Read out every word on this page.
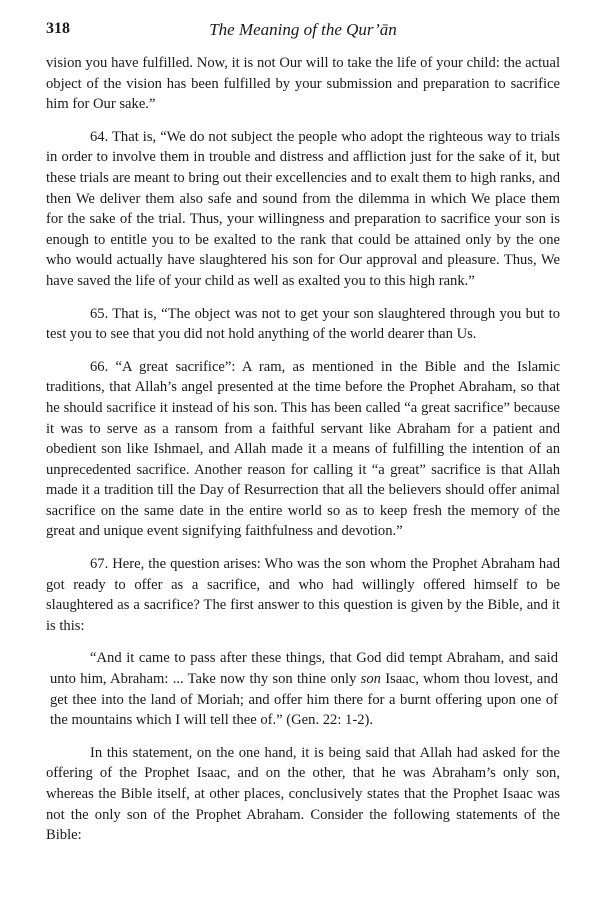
318	The Meaning of the Qur’ān

vision you have fulfilled. Now, it is not Our will to take the life of your child: the actual object of the vision has been fulfilled by your submission and preparation to sacrifice him for Our sake.”

64. That is, “We do not subject the people who adopt the righteous way to trials in order to involve them in trouble and distress and affliction just for the sake of it, but these trials are meant to bring out their excellencies and to exalt them to high ranks, and then We deliver them also safe and sound from the dilemma in which We place them for the sake of the trial. Thus, your willingness and preparation to sacrifice your son is enough to entitle you to be exalted to the rank that could be attained only by the one who would actually have slaughtered his son for Our approval and pleasure. Thus, We have saved the life of your child as well as exalted you to this high rank.”

65. That is, “The object was not to get your son slaughtered through you but to test you to see that you did not hold anything of the world dearer than Us.

66. “A great sacrifice”: A ram, as mentioned in the Bible and the Islamic traditions, that Allah’s angel presented at the time before the Prophet Abraham, so that he should sacrifice it instead of his son. This has been called “a great sacrifice” because it was to serve as a ransom from a faithful servant like Abraham for a patient and obedient son like Ishmael, and Allah made it a means of fulfilling the intention of an unprecedented sacrifice. Another reason for calling it “a great” sacrifice is that Allah made it a tradition till the Day of Resurrection that all the believers should offer animal sacrifice on the same date in the entire world so as to keep fresh the memory of the great and unique event signifying faithfulness and devotion.”

67. Here, the question arises: Who was the son whom the Prophet Abraham had got ready to offer as a sacrifice, and who had willingly offered himself to be slaughtered as a sacrifice? The first answer to this question is given by the Bible, and it is this:

“And it came to pass after these things, that God did tempt Abraham, and said unto him, Abraham: ... Take now thy son thine only son Isaac, whom thou lovest, and get thee into the land of Moriah; and offer him there for a burnt offering upon one of the mountains which I will tell thee of.” (Gen. 22: 1-2).

In this statement, on the one hand, it is being said that Allah had asked for the offering of the Prophet Isaac, and on the other, that he was Abraham’s only son, whereas the Bible itself, at other places, conclusively states that the Prophet Isaac was not the only son of the Prophet Abraham. Consider the following statements of the Bible:
